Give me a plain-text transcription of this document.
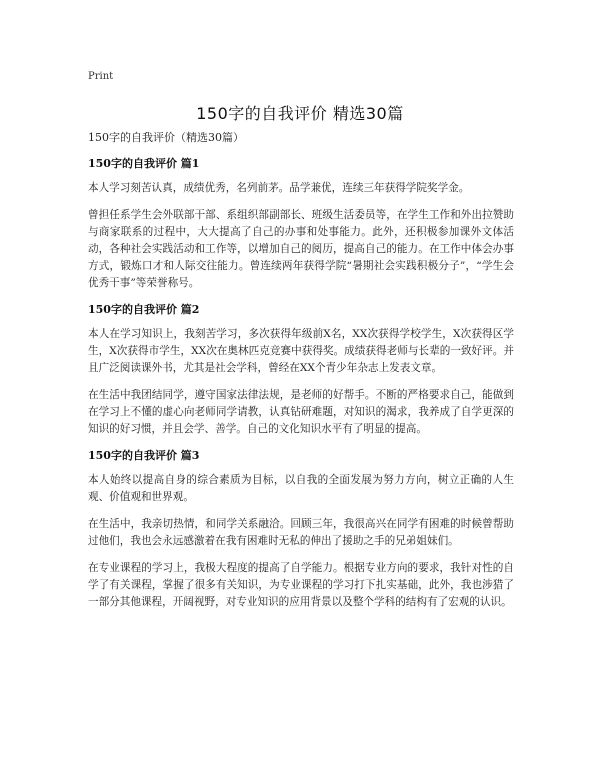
Print
150字的自我评价 精选30篇
150字的自我评价（精选30篇）
150字的自我评价 篇1

本人学习刻苦认真，成绩优秀，名列前茅。品学兼优，连续三年获得学院奖学金。

曾担任系学生会外联部干部、系组织部副部长、班级生活委员等，在学生工作和外出拉赞助与商家联系的过程中，大大提高了自己的办事和处事能力。此外，还积极参加课外文体活动，各种社会实践活动和工作等，以增加自己的阅历，提高自己的能力。在工作中体会办事方式，锻炼口才和人际交往能力。曾连续两年获得学院“暑期社会实践积极分子”，“学生会优秀干事”等荣誉称号。

150字的自我评价 篇2

本人在学习知识上，我刻苦学习，多次获得年级前X名，XX次获得学校学生，X次获得区学生，X次获得市学生，XX次在奥林匹克竞赛中获得奖。成绩获得老师与长辈的一致好评。并且广泛阅读课外书，尤其是社会学科，曾经在XX个青少年杂志上发表文章。

在生活中我团结同学，遵守国家法律法规，是老师的好帮手。不断的严格要求自己，能做到在学习上不懂的虚心向老师同学请教，认真钻研难题，对知识的渴求，我养成了自学更深的知识的好习惯，并且会学、善学。自己的文化知识水平有了明显的提高。

150字的自我评价 篇3

本人始终以提高自身的综合素质为目标，以自我的全面发展为努力方向，树立正确的人生观、价值观和世界观。

在生活中，我亲切热情，和同学关系融洽。回顾三年，我很高兴在同学有困难的时候曾帮助过他们，我也会永远感激着在我有困难时无私的伸出了援助之手的兄弟姐妹们。

在专业课程的学习上，我极大程度的提高了自学能力。根据专业方向的要求，我针对性的自学了有关课程，掌握了很多有关知识，为专业课程的学习打下扎实基础，此外，我也涉猎了一部分其他课程，开阔视野，对专业知识的应用背景以及整个学科的结构有了宏观的认识。
